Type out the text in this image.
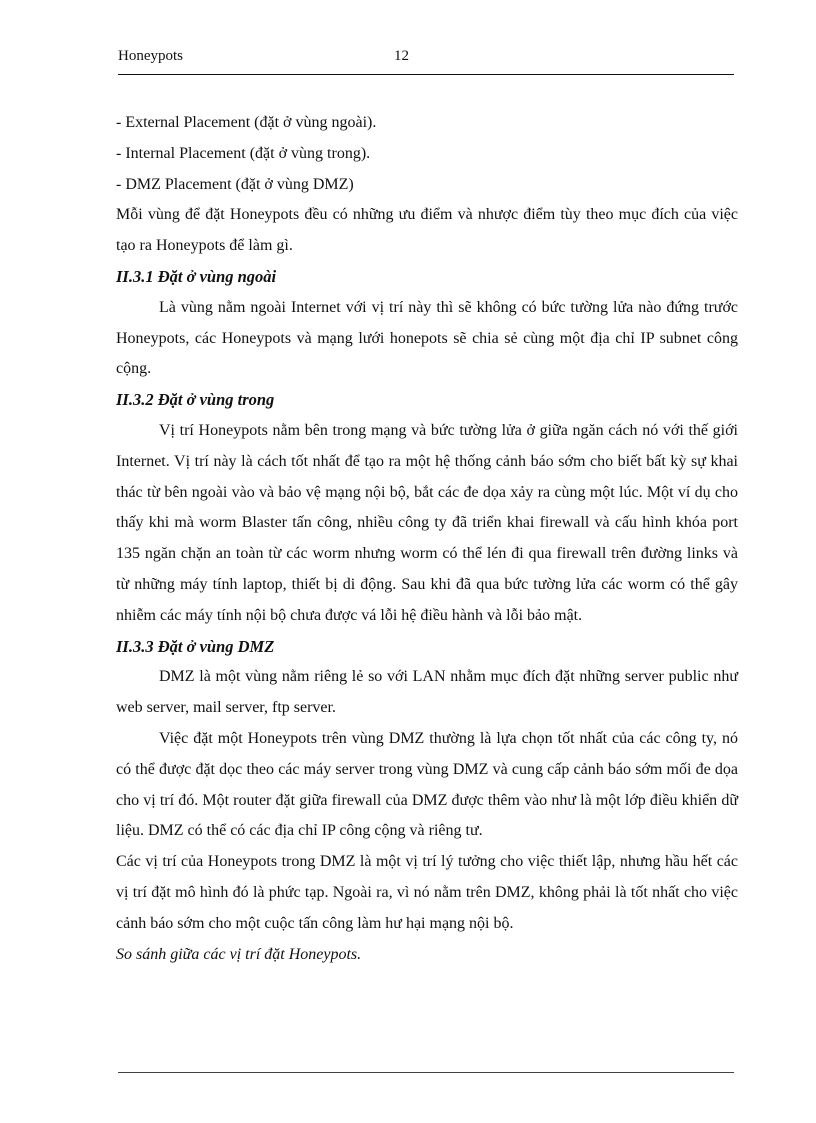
Honeypots	12

- External Placement (đặt ở vùng ngoài).

- Internal Placement (đặt ở vùng trong).

- DMZ Placement (đặt ở vùng DMZ)

Mỗi vùng để đặt Honeypots đều có những ưu điểm và nhược điểm tùy theo mục đích của việc tạo ra Honeypots để làm gì.

II.3.1 Đặt ở vùng ngoài

Là vùng nằm ngoài Internet với vị trí này thì sẽ không có bức tường lửa nào đứng trước Honeypots, các Honeypots và mạng lưới honepots sẽ chia sẻ cùng một địa chỉ IP subnet công cộng.

II.3.2 Đặt ở vùng trong

Vị trí Honeypots nằm bên trong mạng và bức tường lửa ở giữa ngăn cách nó với thế giới Internet. Vị trí này là cách tốt nhất để tạo ra một hệ thống cảnh báo sớm cho biết bất kỳ sự khai thác từ bên ngoài vào và bảo vệ mạng nội bộ, bắt các đe dọa xảy ra cùng một lúc. Một ví dụ cho thấy khi mà worm Blaster tấn công, nhiều công ty đã triển khai firewall và cấu hình khóa port 135 ngăn chặn an toàn từ các worm nhưng worm có thể lén đi qua firewall trên đường links và từ những máy tính laptop, thiết bị di động. Sau khi đã qua bức tường lửa các worm có thể gây nhiễm các máy tính nội bộ chưa được vá lỗi hệ điều hành và lỗi bảo mật.

II.3.3 Đặt ở vùng DMZ

DMZ là một vùng nằm riêng lẻ so với LAN nhằm mục đích đặt những server public như web server, mail server, ftp server.

Việc đặt một Honeypots trên vùng DMZ thường là lựa chọn tốt nhất của các công ty, nó có thể được đặt dọc theo các máy server trong vùng DMZ và cung cấp cảnh báo sớm mối đe dọa cho vị trí đó. Một router đặt giữa firewall của DMZ được thêm vào như là một lớp điều khiển dữ liệu. DMZ có thể có các địa chỉ IP công cộng và riêng tư.

Các vị trí của Honeypots trong DMZ là một vị trí lý tưởng cho việc thiết lập, nhưng hầu hết các vị trí đặt mô hình đó là phức tạp. Ngoài ra, vì nó nằm trên DMZ, không phải là tốt nhất cho việc cảnh báo sớm cho một cuộc tấn công làm hư hại mạng nội bộ.

So sánh giữa các vị trí đặt Honeypots.
